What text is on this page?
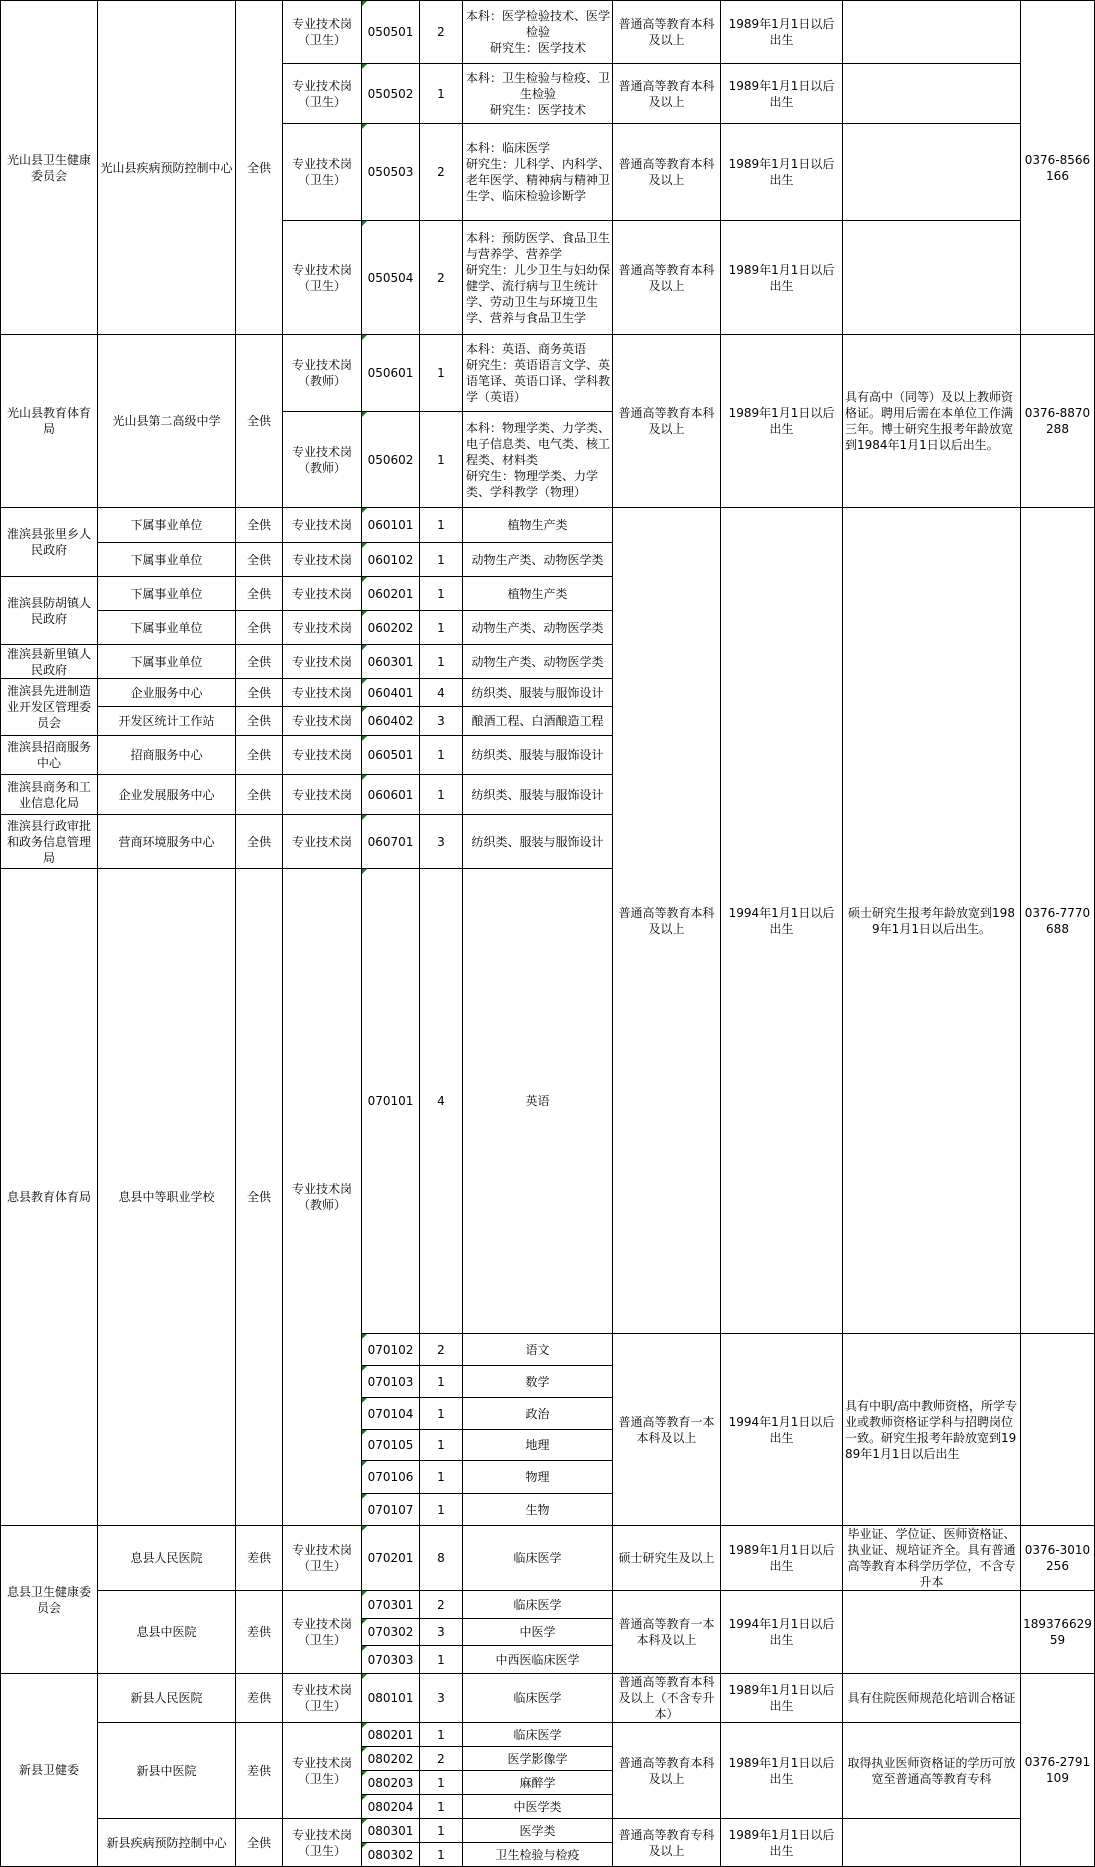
光山县卫生健康委员会	光山县疾病预防控制中心	全供	专业技术岗（卫生）	050501	2	本科：医学检验技术、医学检验
研究生：医学技术	普通高等教育本科及以上	1989年1月1日以后出生		0376-8566166	
			专业技术岗（卫生）	050502	1	本科：卫生检验与检疫、卫生检验
研究生：医学技术	普通高等教育本科及以上	1989年1月1日以后出生			
			专业技术岗（卫生）	050503	2	本科：临床医学
研究生：儿科学、内科学、老年医学、精神病与精神卫生学、临床检验诊断学	普通高等教育本科及以上	1989年1月1日以后出生			
			专业技术岗（卫生）	050504	2	本科：预防医学、食品卫生与营养学、营养学
研究生：儿少卫生与妇幼保健学、流行病与卫生统计学、劳动卫生与环境卫生学、营养与食品卫生学	普通高等教育本科及以上	1989年1月1日以后出生			
光山县教育体育局	光山县第二高级中学	全供	专业技术岗（教师）	050601	1	本科：英语、商务英语
研究生：英语语言文学、英语笔译、英语口译、学科教学（英语）	普通高等教育本科及以上	1989年1月1日以后出生	具有高中（同等）及以上教师资格证。聘用后需在本单位工作满三年。博士研究生报考年龄放宽到1984年1月1日以后出生。	0376-8870288	
			专业技术岗（教师）	050602	1	本科：物理学类、力学类、电子信息类、电气类、核工程类、材料类
研究生：物理学类、力学类、学科教学（物理）					
淮滨县张里乡人民政府	下属事业单位	全供	专业技术岗	060101	1	植物生产类	普通高等教育本科及以上	1994年1月1日以后出生	硕士研究生报考年龄放宽到1989年1月1日以后出生。	0376-7770688	
	下属事业单位	全供	专业技术岗	060102	1	动物生产类、动物医学类					
淮滨县防胡镇人民政府	下属事业单位	全供	专业技术岗	060201	1	植物生产类					
	下属事业单位	全供	专业技术岗	060202	1	动物生产类、动物医学类					
淮滨县新里镇人民政府	下属事业单位	全供	专业技术岗	060301	1	动物生产类、动物医学类					
淮滨县先进制造业开发区管理委员会	企业服务中心	全供	专业技术岗	060401	4	纺织类、服装与服饰设计					
	开发区统计工作站	全供	专业技术岗	060402	3	酿酒工程、白酒酿造工程					
淮滨县招商服务中心	招商服务中心	全供	专业技术岗	060501	1	纺织类、服装与服饰设计					
淮滨县商务和工业信息化局	企业发展服务中心	全供	专业技术岗	060601	1	纺织类、服装与服饰设计					
淮滨县行政审批和政务信息管理局	营商环境服务中心	全供	专业技术岗	060701	3	纺织类、服装与服饰设计					
息县教育体育局	息县中等职业学校	全供	专业技术岗（教师）	070101	4	英语				
				070102	2	语文	普通高等教育一本本科及以上	1994年1月1日以后出生	具有中职/高中教师资格，所学专业或教师资格证学科与招聘岗位一致。研究生报考年龄放宽到1989年1月1日以后出生		
				070103	1	数学					
				070104	1	政治					
				070105	1	地理					
				070106	1	物理					
				070107	1	生物					
息县卫生健康委员会	息县人民医院	差供	专业技术岗（卫生）	070201	8	临床医学	硕士研究生及以上	1989年1月1日以后出生	毕业证、学位证、医师资格证、执业证、规培证齐全。具有普通高等教育本科学历学位，不含专升本	0376-3010256	
	息县中医院	差供	专业技术岗（卫生）	070301	2	临床医学	普通高等教育一本本科及以上	1994年1月1日以后出生		18937662959	
				070302	3	中医学					
				070303	1	中西医临床医学					
新县卫健委	新县人民医院	差供	专业技术岗（卫生）	080101	3	临床医学	普通高等教育本科及以上（不含专升本）	1989年1月1日以后出生	具有住院医师规范化培训合格证	0376-2791109	
	新县中医院	差供	专业技术岗（卫生）	080201	1	临床医学	普通高等教育本科及以上	1989年1月1日以后出生	取得执业医师资格证的学历可放宽至普通高等教育专科		
				080202	2	医学影像学					
				080203	1	麻醉学					
				080204	1	中医学类					
	新县疾病预防控制中心	全供	专业技术岗（卫生）	080301	1	医学类	普通高等教育专科及以上	1989年1月1日以后出生			
				080302	1	卫生检验与检疫					
